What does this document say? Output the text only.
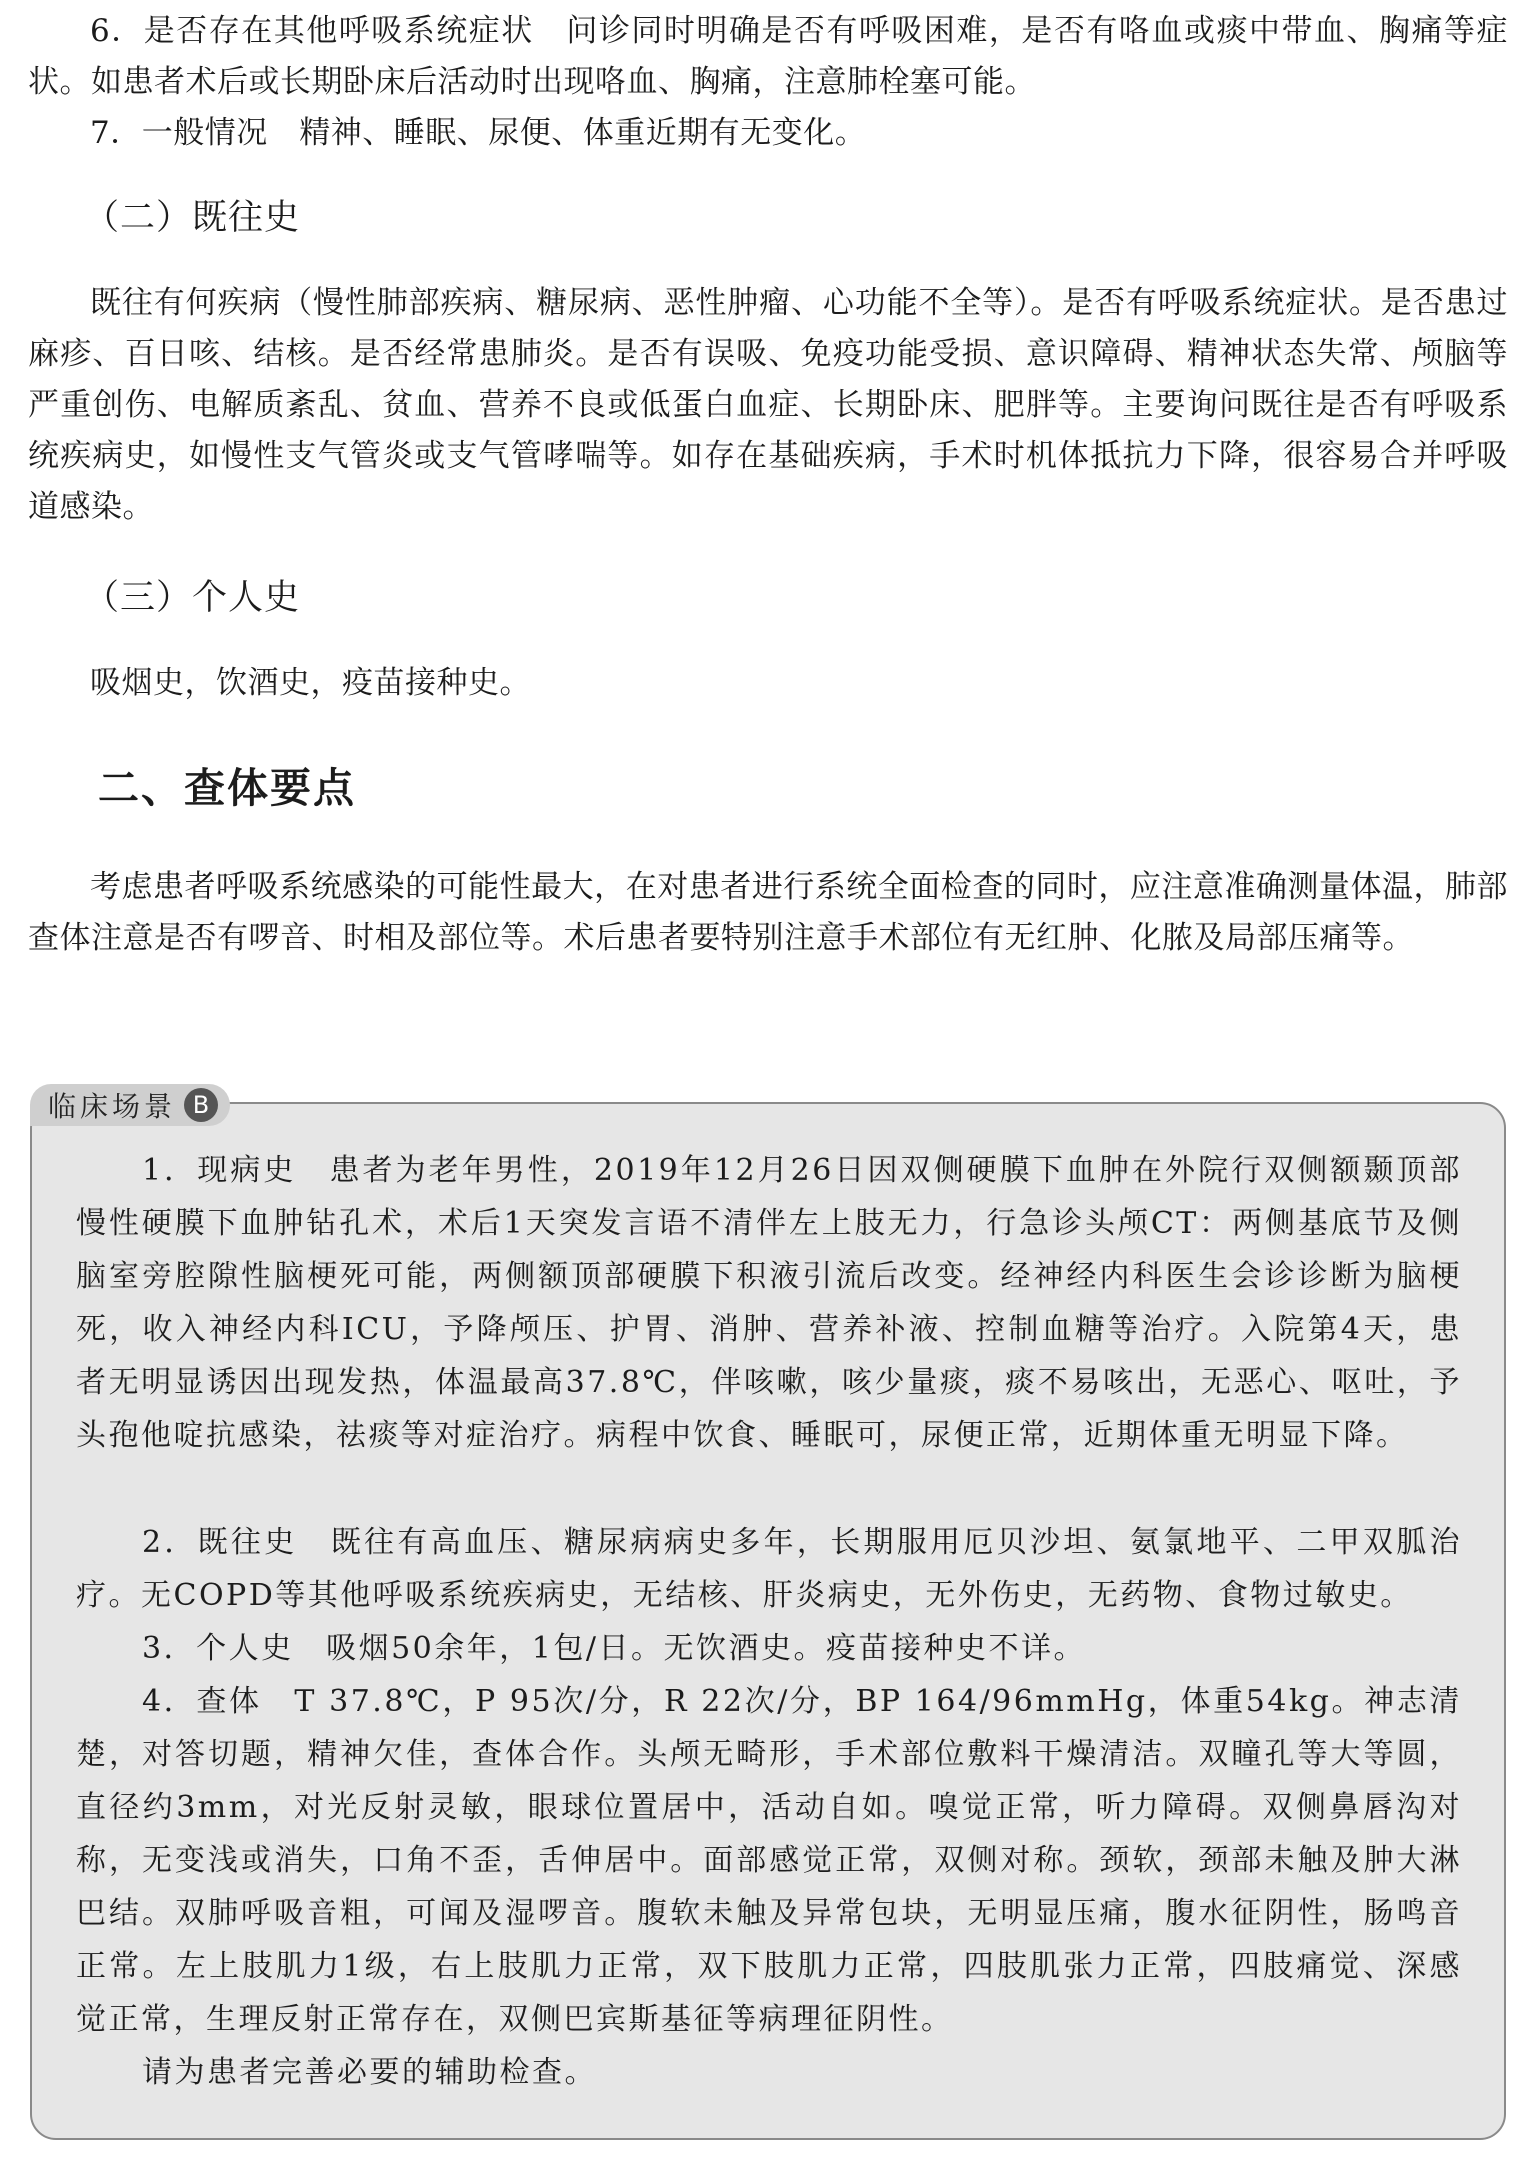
6．是否存在其他呼吸系统症状　问诊同时明确是否有呼吸困难，是否有咯血或痰中带血、胸痛等症状。如患者术后或长期卧床后活动时出现咯血、胸痛，注意肺栓塞可能。

7．一般情况　精神、睡眠、尿便、体重近期有无变化。

（二）既往史

既往有何疾病（慢性肺部疾病、糖尿病、恶性肿瘤、心功能不全等）。是否有呼吸系统症状。是否患过麻疹、百日咳、结核。是否经常患肺炎。是否有误吸、免疫功能受损、意识障碍、精神状态失常、颅脑等严重创伤、电解质紊乱、贫血、营养不良或低蛋白血症、长期卧床、肥胖等。主要询问既往是否有呼吸系统疾病史，如慢性支气管炎或支气管哮喘等。如存在基础疾病，手术时机体抵抗力下降，很容易合并呼吸道感染。

（三）个人史

吸烟史，饮酒史，疫苗接种史。

二、查体要点

考虑患者呼吸系统感染的可能性最大，在对患者进行系统全面检查的同时，应注意准确测量体温，肺部查体注意是否有啰音、时相及部位等。术后患者要特别注意手术部位有无红肿、化脓及局部压痛等。

临床场景 B

1．现病史　患者为老年男性，2019年12月26日因双侧硬膜下血肿在外院行双侧额颞顶部慢性硬膜下血肿钻孔术，术后1天突发言语不清伴左上肢无力，行急诊头颅CT：两侧基底节及侧脑室旁腔隙性脑梗死可能，两侧额顶部硬膜下积液引流后改变。经神经内科医生会诊诊断为脑梗死，收入神经内科ICU，予降颅压、护胃、消肿、营养补液、控制血糖等治疗。入院第4天，患者无明显诱因出现发热，体温最高37.8℃，伴咳嗽，咳少量痰，痰不易咳出，无恶心、呕吐，予头孢他啶抗感染，祛痰等对症治疗。病程中饮食、睡眠可，尿便正常，近期体重无明显下降。

2．既往史　既往有高血压、糖尿病病史多年，长期服用厄贝沙坦、氨氯地平、二甲双胍治疗。无COPD等其他呼吸系统疾病史，无结核、肝炎病史，无外伤史，无药物、食物过敏史。

3．个人史　吸烟50余年，1包/日。无饮酒史。疫苗接种史不详。

4．查体　T 37.8℃，P 95次/分，R 22次/分，BP 164/96mmHg，体重54kg。神志清楚，对答切题，精神欠佳，查体合作。头颅无畸形，手术部位敷料干燥清洁。双瞳孔等大等圆，直径约3mm，对光反射灵敏，眼球位置居中，活动自如。嗅觉正常，听力障碍。双侧鼻唇沟对称，无变浅或消失，口角不歪，舌伸居中。面部感觉正常，双侧对称。颈软，颈部未触及肿大淋巴结。双肺呼吸音粗，可闻及湿啰音。腹软未触及异常包块，无明显压痛，腹水征阴性，肠鸣音正常。左上肢肌力1级，右上肢肌力正常，双下肢肌力正常，四肢肌张力正常，四肢痛觉、深感觉正常，生理反射正常存在，双侧巴宾斯基征等病理征阴性。

请为患者完善必要的辅助检查。
